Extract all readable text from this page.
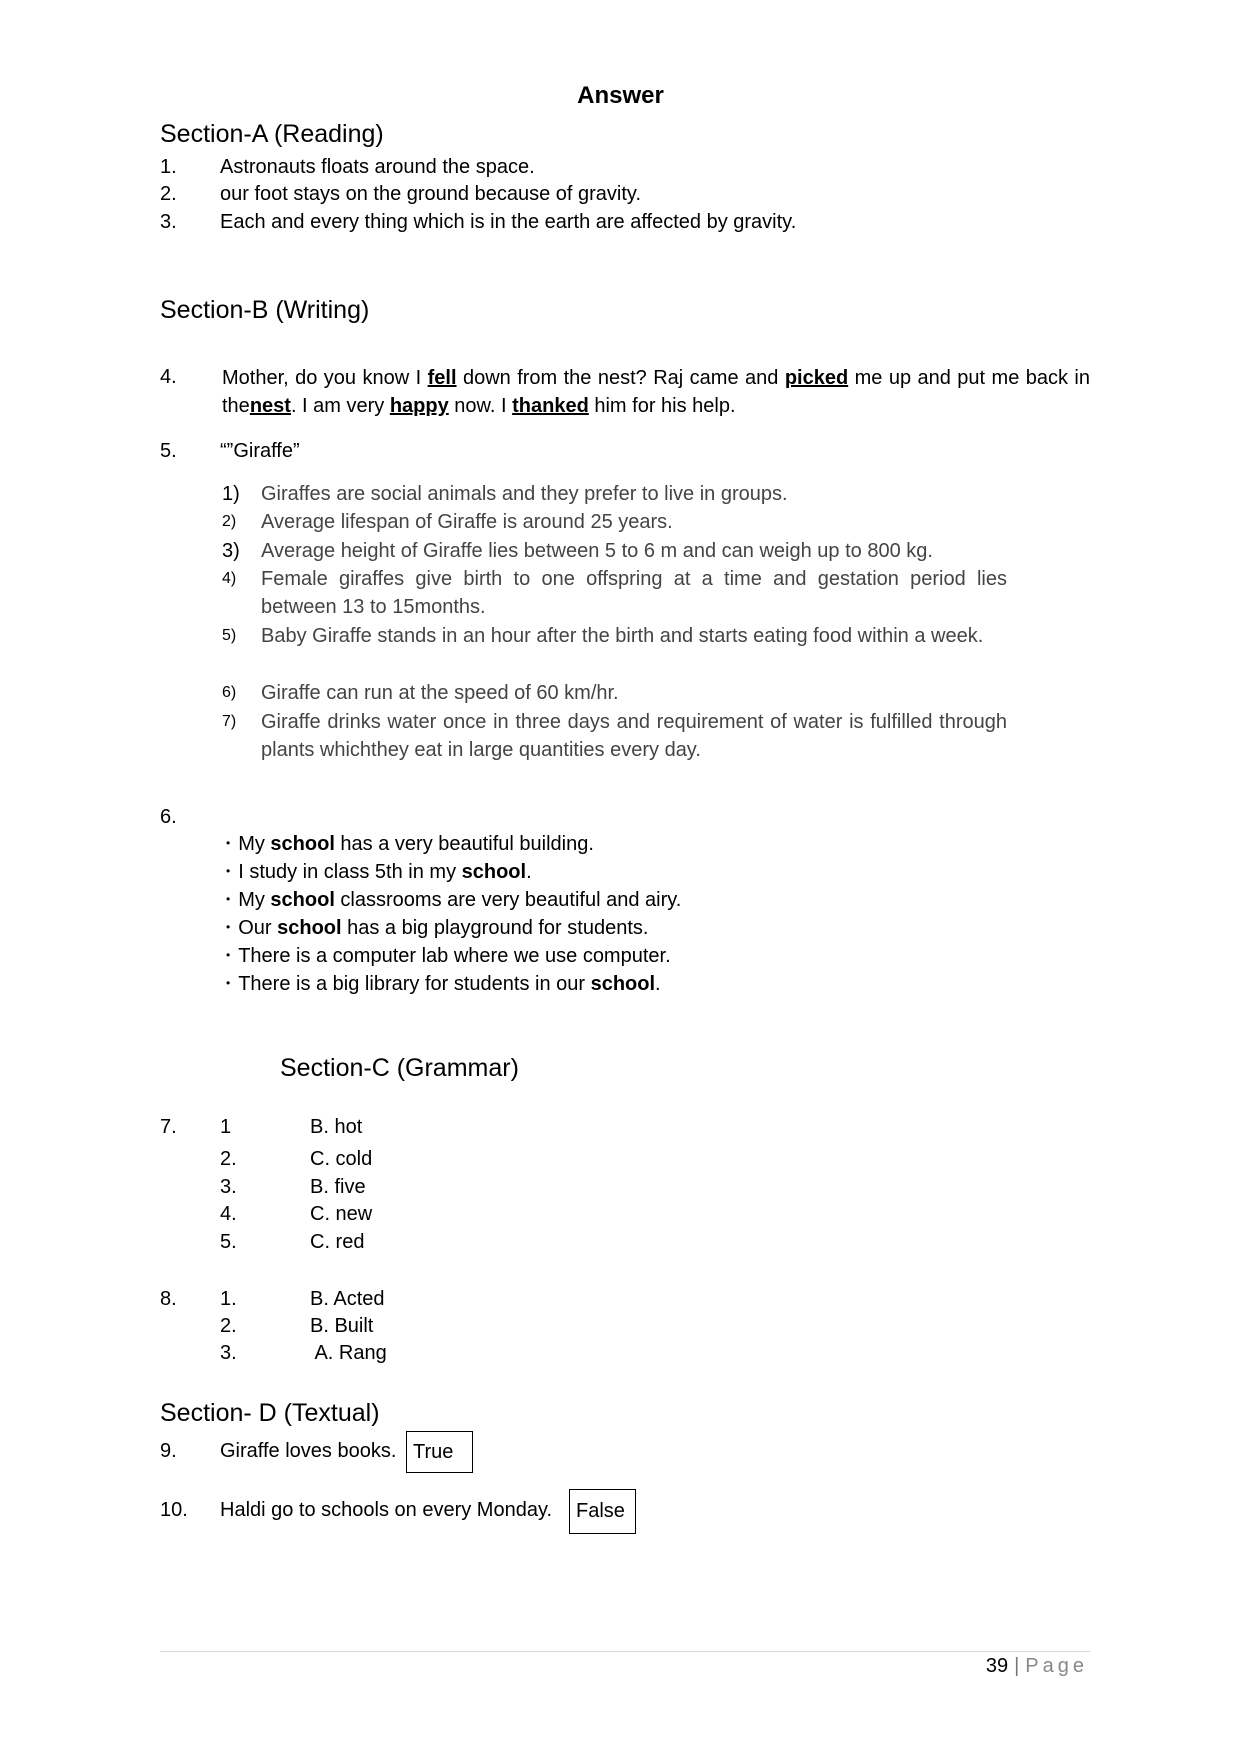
Answer
Section-A (Reading)
1. Astronauts floats around the space.
2. our foot stays on the ground because of gravity.
3. Each and every thing which is in the earth are affected by gravity.
Section-B (Writing)
4. Mother, do you know I fell down from the nest? Raj came and picked me up and put me back in thenest. I am very happy now. I thanked him for his help.
5. “”Giraffe”
1) Giraffes are social animals and they prefer to live in groups.
2) Average lifespan of Giraffe is around 25 years.
3) Average height of Giraffe lies between 5 to 6 m and can weigh up to 800 kg.
4) Female giraffes give birth to one offspring at a time and gestation period lies between 13 to 15months.
5) Baby Giraffe stands in an hour after the birth and starts eating food within a week.
6) Giraffe can run at the speed of 60 km/hr.
7) Giraffe drinks water once in three days and requirement of water is fulfilled through plants whichthey eat in large quantities every day.
6.
• My school has a very beautiful building.
• I study in class 5th in my school.
• My school classrooms are very beautiful and airy.
• Our school has a big playground for students.
• There is a computer lab where we use computer.
• There is a big library for students in our school.
Section-C (Grammar)
7. 1	B. hot
2.	C. cold
3.	B. five
4.	C. new
5.	C. red
8. 1.	B. Acted
2.	B. Built
3.	A. Rang
Section- D (Textual)
9. Giraffe loves books. True
10. Haldi go to schools on every Monday.	False
39 | Page
